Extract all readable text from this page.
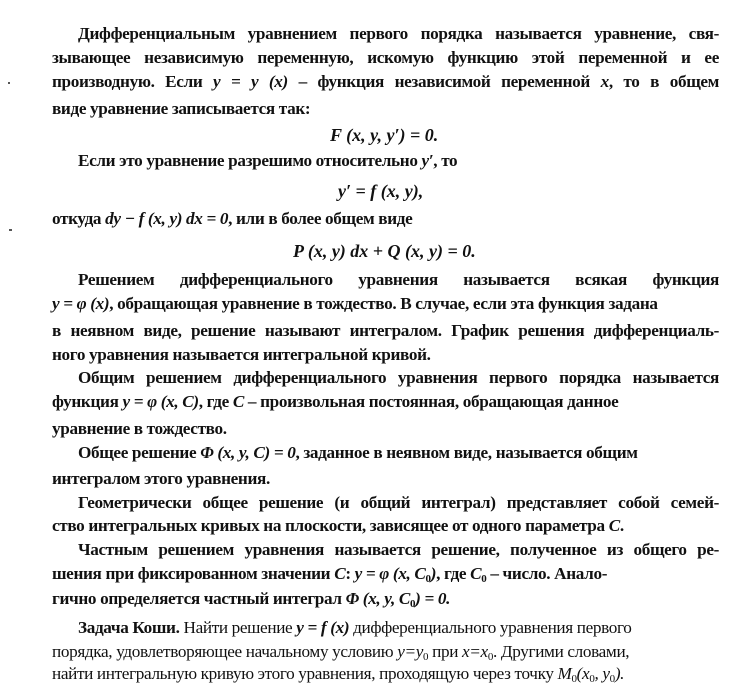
Дифференциальным уравнением первого порядка называется уравнение, свя-
зывающее независимую переменную, искомую функцию этой переменной и ее
производную. Если y = y (x) – функция независимой переменной x, то в общем
виде уравнение записывается так:
F (x, y, y′) = 0.
Если это уравнение разрешимо относительно y′, то
y′ = f (x, y),
откуда dy − f (x, y) dx = 0, или в более общем виде
P (x, y) dx + Q (x, y) = 0.
Решением дифференциального уравнения называется всякая функция
y = φ (x), обращающая уравнение в тождество. В случае, если эта функция задана
в неявном виде, решение называют интегралом. График решения дифференциаль-
ного уравнения называется интегральной кривой.
Общим решением дифференциального уравнения первого порядка называется
функция y = φ (x, C), где C – произвольная постоянная, обращающая данное
уравнение в тождество.
Общее решение Φ (x, y, C) = 0, заданное в неявном виде, называется общим
интегралом этого уравнения.
Геометрически общее решение (и общий интеграл) представляет собой семей-
ство интегральных кривых на плоскости, зависящее от одного параметра C.
Частным решением уравнения называется решение, полученное из общего ре-
шения при фиксированном значении C: y = φ (x, $C_0$), где $C_0$ – число. Анало-
гично определяется частный интеграл Φ (x, y, $C_0) = 0$.
Задача Коши. Найти решение y = f (x) дифференциального уравнения первого
порядка, удовлетворяющее начальному условию $y=y_0$ при $x=x_0$. Другими словами,
найти интегральную кривую этого уравнения, проходящую через точку $M_0(x_0$, $y_0$).
